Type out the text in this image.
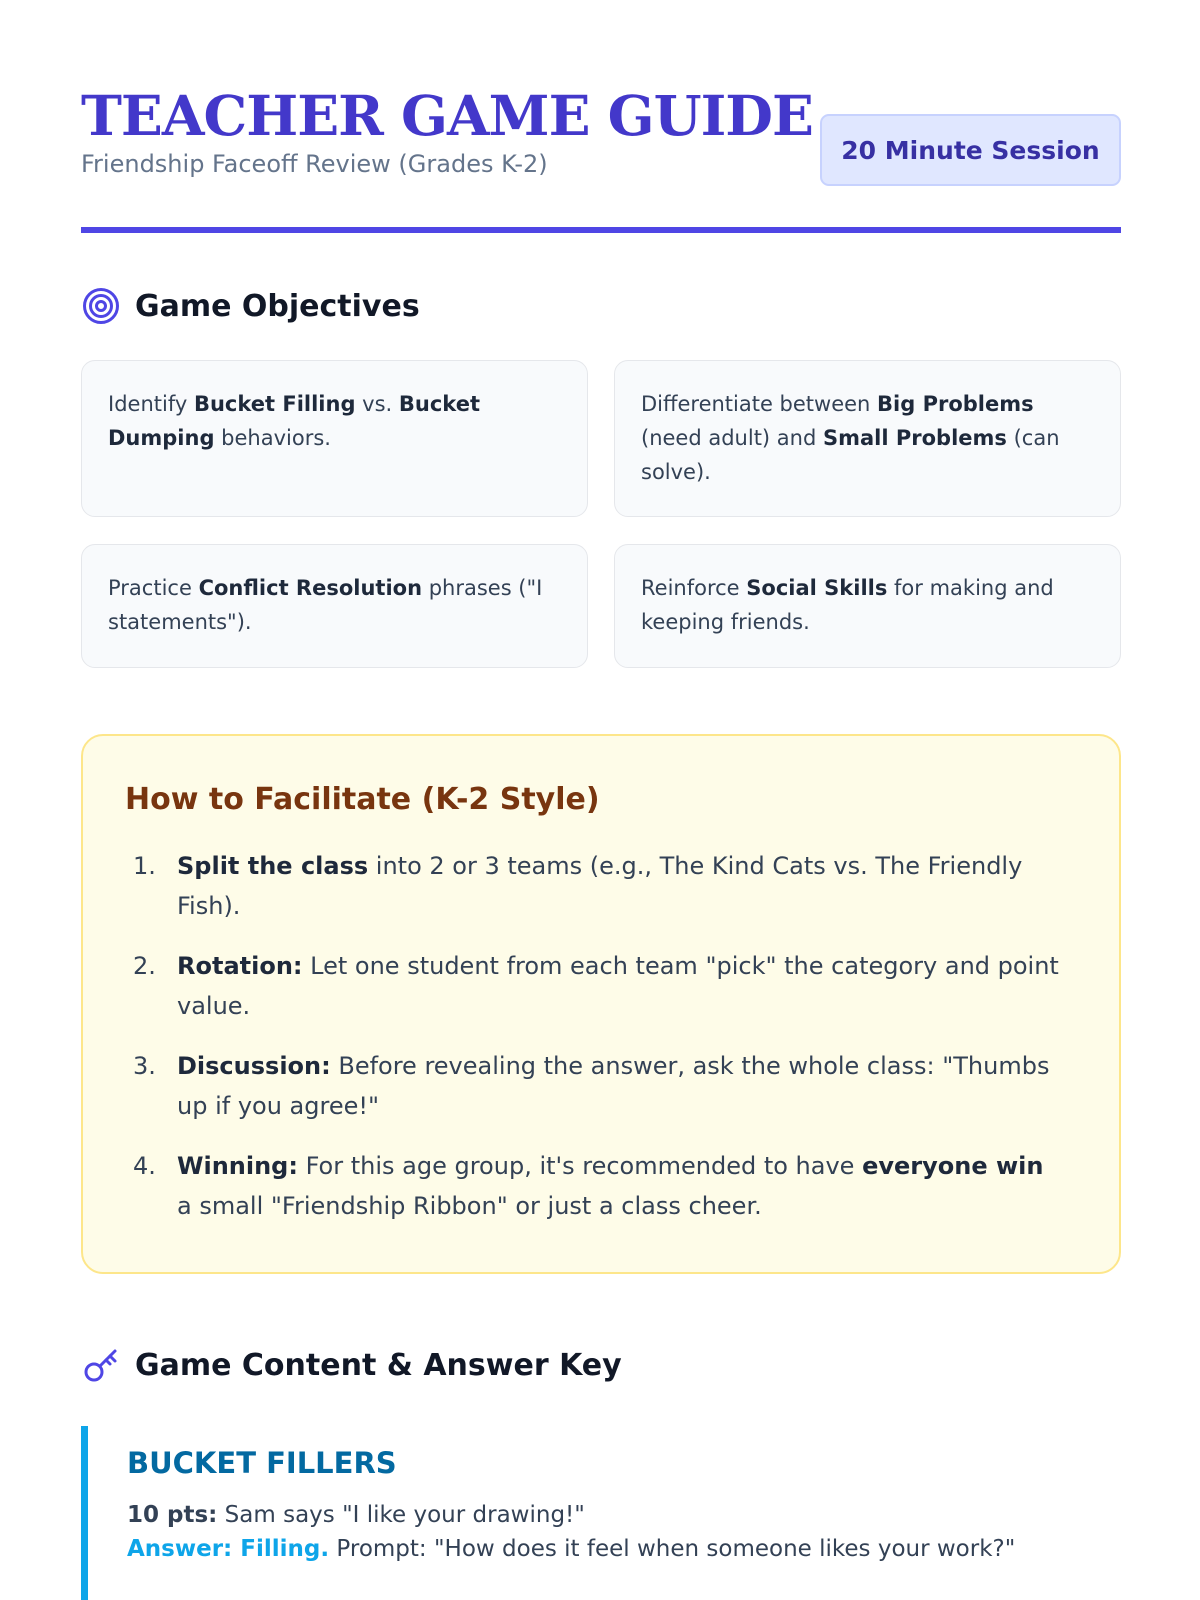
TEACHER GAME GUIDE
Friendship Faceoff Review (Grades K-2)	20 Minute Session
Game Objectives
Identify Bucket Filling vs. Bucket Dumping behaviors.
Differentiate between Big Problems (need adult) and Small Problems (can solve).
Practice Conflict Resolution phrases ("I statements").
Reinforce Social Skills for making and keeping friends.
How to Facilitate (K-2 Style)
1. Split the class into 2 or 3 teams (e.g., The Kind Cats vs. The Friendly Fish).
2. Rotation: Let one student from each team "pick" the category and point value.
3. Discussion: Before revealing the answer, ask the whole class: "Thumbs up if you agree!"
4. Winning: For this age group, it's recommended to have everyone win a small "Friendship Ribbon" or just a class cheer.
Game Content & Answer Key
BUCKET FILLERS
10 pts: Sam says "I like your drawing!"
Answer: Filling. Prompt: "How does it feel when someone likes your work?"
